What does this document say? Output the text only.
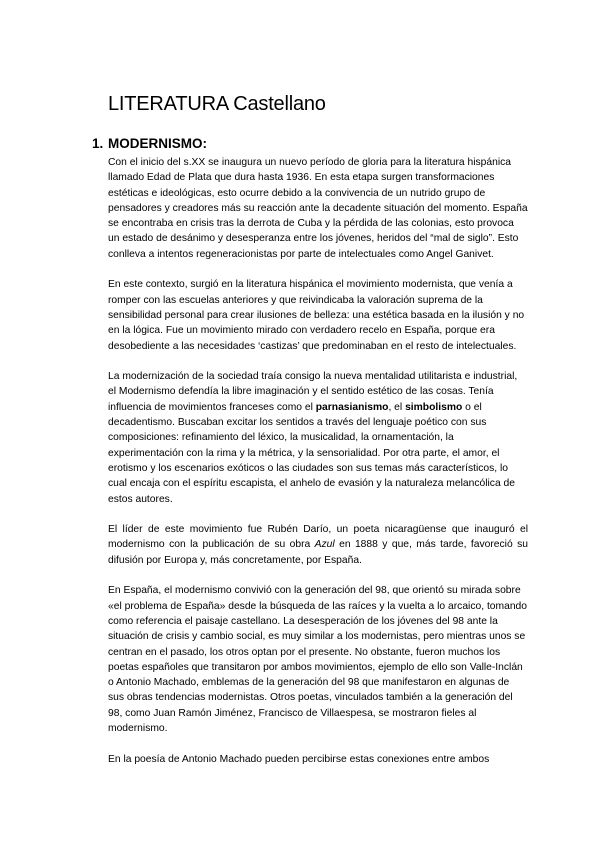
LITERATURA Castellano
1. MODERNISMO:

Con el inicio del s.XX se inaugura un nuevo período de gloria para la literatura hispánica llamado Edad de Plata que dura hasta 1936. En esta etapa surgen transformaciones estéticas e ideológicas, esto ocurre debido a la convivencia de un nutrido grupo de pensadores y creadores más su reacción ante la decadente situación del momento. España se encontraba en crisis tras la derrota de Cuba y la pérdida de las colonias, esto provoca un estado de desánimo y desesperanza entre los jóvenes, heridos del “mal de siglo”. Esto conlleva a intentos regeneracionistas por parte de intelectuales como Angel Ganivet.

En este contexto, surgió en la literatura hispánica el movimiento modernista, que venía a romper con las escuelas anteriores y que reivindicaba la valoración suprema de la sensibilidad personal para crear ilusiones de belleza: una estética basada en la ilusión y no en la lógica. Fue un movimiento mirado con verdadero recelo en España, porque era desobediente a las necesidades ‘castizas’ que predominaban en el resto de intelectuales.

La modernización de la sociedad traía consigo la nueva mentalidad utilitarista e industrial, el Modernismo defendía la libre imaginación y el sentido estético de las cosas. Tenía influencia de movimientos franceses como el parnasianismo, el simbolismo o el decadentismo. Buscaban excitar los sentidos a través del lenguaje poético con sus composiciones: refinamiento del léxico, la musicalidad, la ornamentación, la experimentación con la rima y la métrica, y la sensorialidad. Por otra parte, el amor, el erotismo y los escenarios exóticos o las ciudades son sus temas más característicos, lo cual encaja con el espíritu escapista, el anhelo de evasión y la naturaleza melancólica de estos autores.

El líder de este movimiento fue Rubén Darío, un poeta nicaragüense que inauguró el modernismo con la publicación de su obra Azul en 1888 y que, más tarde, favoreció su difusión por Europa y, más concretamente, por España.

En España, el modernismo convivió con la generación del 98, que orientó su mirada sobre «el problema de España» desde la búsqueda de las raíces y la vuelta a lo arcaico, tomando como referencia el paisaje castellano. La desesperación de los jóvenes del 98 ante la situación de crisis y cambio social, es muy similar a los modernistas, pero mientras unos se centran en el pasado, los otros optan por el presente. No obstante, fueron muchos los poetas españoles que transitaron por ambos movimientos, ejemplo de ello son Valle-Inclán o Antonio Machado, emblemas de la generación del 98 que manifestaron en algunas de sus obras tendencias modernistas. Otros poetas, vinculados también a la generación del 98, como Juan Ramón Jiménez, Francisco de Villaespesa, se mostraron fieles al modernismo.

En la poesía de Antonio Machado pueden percibirse estas conexiones entre ambos
